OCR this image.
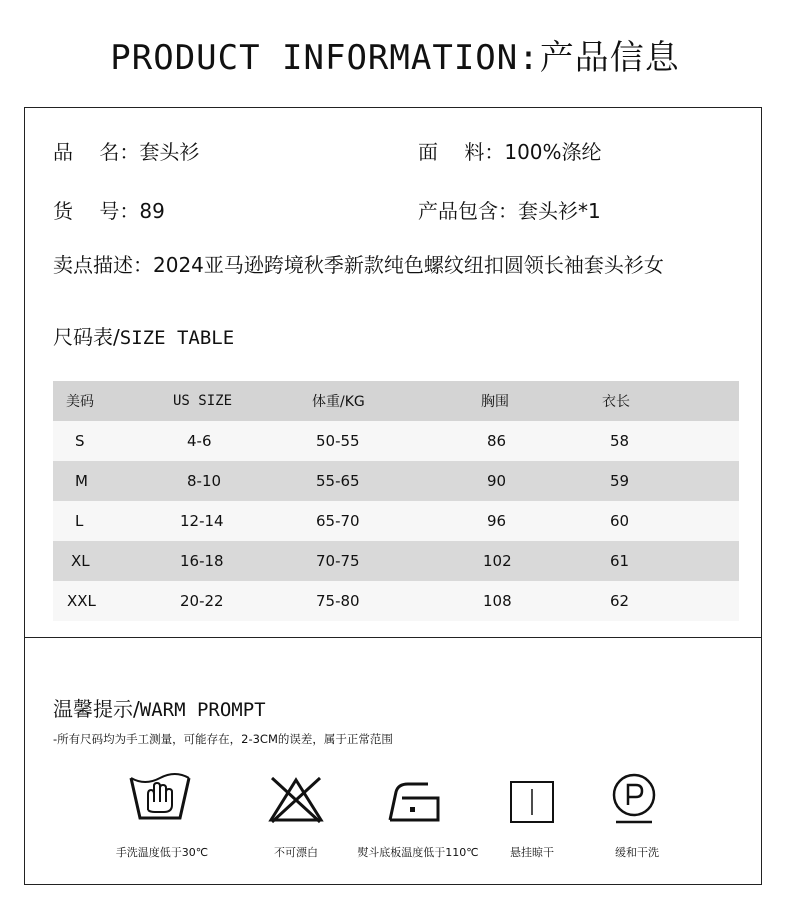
PRODUCT INFORMATION:产品信息
品　 名：套头衫	面　 料：100%涤纶
货　 号：89	产品包含：套头衫*1
卖点描述：2024亚马逊跨境秋季新款纯色螺纹纽扣圆领长袖套头衫女
尺码表/SIZE TABLE
美码	US SIZE	体重/KG	胸围	衣长
S	4-6	50-55	86	58
M	8-10	55-65	90	59
L	12-14	65-70	96	60
XL	16-18	70-75	102	61
XXL	20-22	75-80	108	62
温馨提示/WARM PROMPT
-所有尺码均为手工测量，可能存在，2-3CM的误差，属于正常范围
手洗温度低于30℃	不可漂白	熨斗底板温度低于110℃	悬挂晾干	缓和干洗
